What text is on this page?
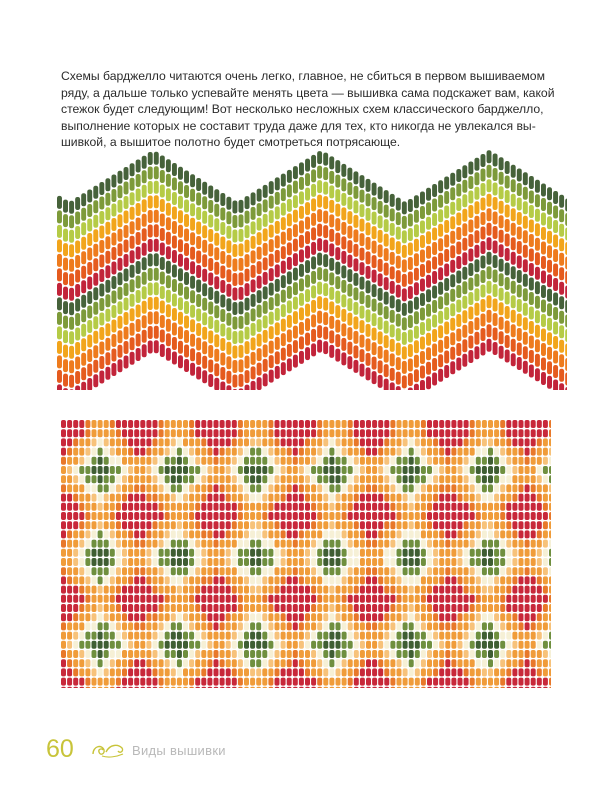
Схемы барджелло читаются очень легко, главное, не сбиться в первом вышиваемом
ряду, а дальше только успевайте менять цвета — вышивка сама подскажет вам, какой
стежок будет следующим! Вот несколько несложных схем классического барджелло,
выполнение которых не составит труда даже для тех, кто никогда не увлекался вы-
шивкой, а вышитое полотно будет смотреться потрясающе.

60	Виды вышивки
